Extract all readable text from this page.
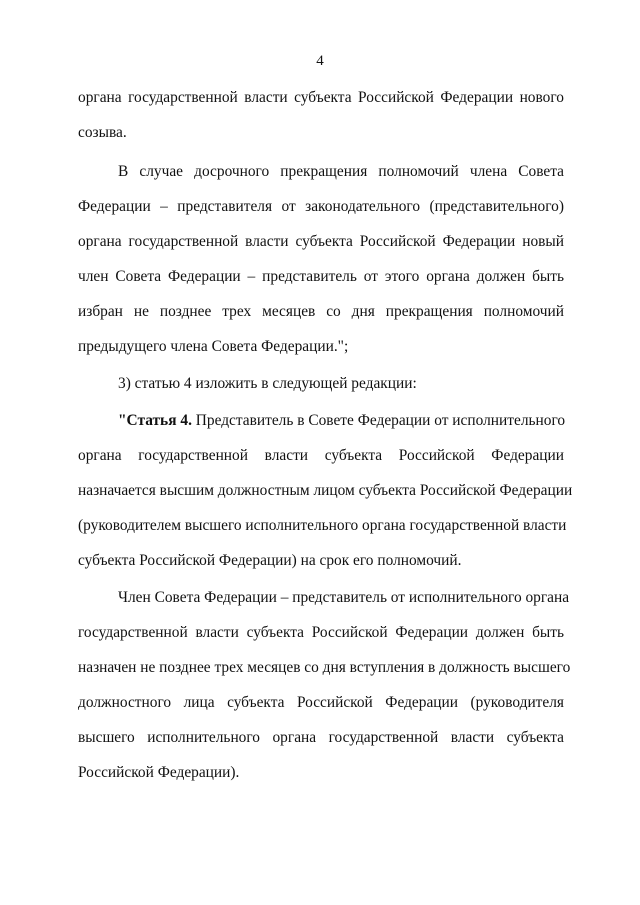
4
органа государственной власти субъекта Российской Федерации нового
созыва.
В случае досрочного прекращения полномочий члена Совета
Федерации – представителя от законодательного (представительного)
органа государственной власти субъекта Российской Федерации новый
член Совета Федерации – представитель от этого органа должен быть
избран не позднее трех месяцев со дня прекращения полномочий
предыдущего члена Совета Федерации.";
3) статью 4 изложить в следующей редакции:
"Статья 4. Представитель в Совете Федерации от исполнительного
органа государственной власти субъекта Российской Федерации
назначается высшим должностным лицом субъекта Российской Федерации
(руководителем высшего исполнительного органа государственной власти
субъекта Российской Федерации) на срок его полномочий.
Член Совета Федерации – представитель от исполнительного органа
государственной власти субъекта Российской Федерации должен быть
назначен не позднее трех месяцев со дня вступления в должность высшего
должностного лица субъекта Российской Федерации (руководителя
высшего исполнительного органа государственной власти субъекта
Российской Федерации).
